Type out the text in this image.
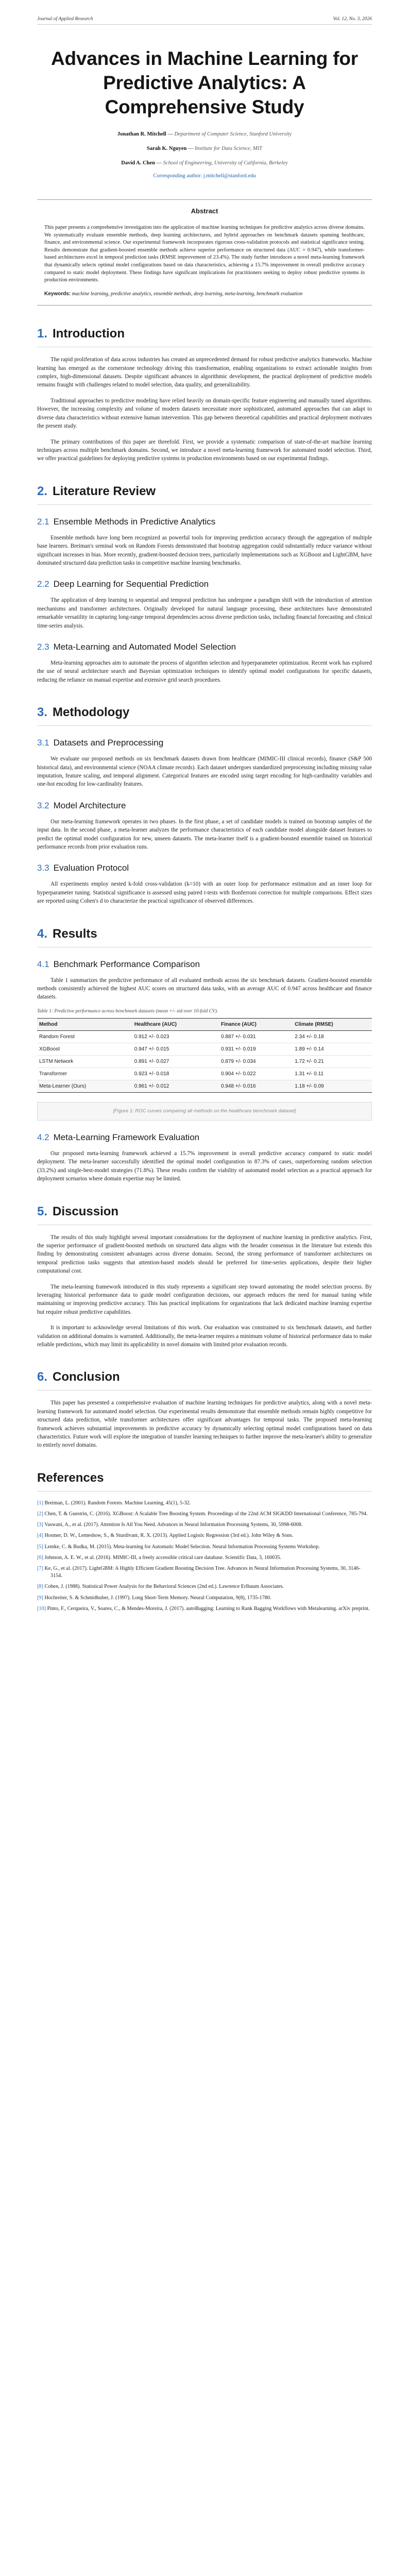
Journal of Applied Research	Vol. 12, No. 3, 2026
Advances in Machine Learning for Predictive Analytics: A Comprehensive Study
Jonathan R. Mitchell — Department of Computer Science, Stanford University
Sarah K. Nguyen — Institute for Data Science, MIT
David A. Chen — School of Engineering, University of California, Berkeley
Corresponding author: j.mitchell@stanford.edu
Abstract

This paper presents a comprehensive investigation into the application of machine learning techniques for predictive analytics across diverse domains. We systematically evaluate ensemble methods, deep learning architectures, and hybrid approaches on benchmark datasets spanning healthcare, finance, and environmental science. Our experimental framework incorporates rigorous cross-validation protocols and statistical significance testing. Results demonstrate that gradient-boosted ensemble methods achieve superior performance on structured data (AUC = 0.947), while transformer-based architectures excel in temporal prediction tasks (RMSE improvement of 23.4%). The study further introduces a novel meta-learning framework that dynamically selects optimal model configurations based on data characteristics, achieving a 15.7% improvement in overall predictive accuracy compared to static model deployment. These findings have significant implications for practitioners seeking to deploy robust predictive systems in production environments.

Keywords: machine learning, predictive analytics, ensemble methods, deep learning, meta-learning, benchmark evaluation

1. Introduction

The rapid proliferation of data across industries has created an unprecedented demand for robust predictive analytics frameworks. Machine learning has emerged as the cornerstone technology driving this transformation, enabling organizations to extract actionable insights from complex, high-dimensional datasets. Despite significant advances in algorithmic development, the practical deployment of predictive models remains fraught with challenges related to model selection, data quality, and generalizability.

Traditional approaches to predictive modeling have relied heavily on domain-specific feature engineering and manually tuned algorithms. However, the increasing complexity and volume of modern datasets necessitate more sophisticated, automated approaches that can adapt to diverse data characteristics without extensive human intervention. This gap between theoretical capabilities and practical deployment motivates the present study.

The primary contributions of this paper are threefold. First, we provide a systematic comparison of state-of-the-art machine learning techniques across multiple benchmark domains. Second, we introduce a novel meta-learning framework for automated model selection. Third, we offer practical guidelines for deploying predictive systems in production environments based on our experimental findings.

2. Literature Review
2.1 Ensemble Methods in Predictive Analytics

Ensemble methods have long been recognized as powerful tools for improving prediction accuracy through the aggregation of multiple base learners. Breiman's seminal work on Random Forests demonstrated that bootstrap aggregation could substantially reduce variance without significant increases in bias. More recently, gradient-boosted decision trees, particularly implementations such as XGBoost and LightGBM, have dominated structured data prediction tasks in competitive machine learning benchmarks.

2.2 Deep Learning for Sequential Prediction

The application of deep learning to sequential and temporal prediction has undergone a paradigm shift with the introduction of attention mechanisms and transformer architectures. Originally developed for natural language processing, these architectures have demonstrated remarkable versatility in capturing long-range temporal dependencies across diverse prediction tasks, including financial forecasting and clinical time-series analysis.

2.3 Meta-Learning and Automated Model Selection

Meta-learning approaches aim to automate the process of algorithm selection and hyperparameter optimization. Recent work has explored the use of neural architecture search and Bayesian optimization techniques to identify optimal model configurations for specific datasets, reducing the reliance on manual expertise and extensive grid search procedures.

3. Methodology
3.1 Datasets and Preprocessing

We evaluate our proposed methods on six benchmark datasets drawn from healthcare (MIMIC-III clinical records), finance (S&P 500 historical data), and environmental science (NOAA climate records). Each dataset undergoes standardized preprocessing including missing value imputation, feature scaling, and temporal alignment. Categorical features are encoded using target encoding for high-cardinality variables and one-hot encoding for low-cardinality features.

3.2 Model Architecture

Our meta-learning framework operates in two phases. In the first phase, a set of candidate models is trained on bootstrap samples of the input data. In the second phase, a meta-learner analyzes the performance characteristics of each candidate model alongside dataset features to predict the optimal model configuration for new, unseen datasets. The meta-learner itself is a gradient-boosted ensemble trained on historical performance records from prior evaluation runs.

3.3 Evaluation Protocol

All experiments employ nested k-fold cross-validation (k=10) with an outer loop for performance estimation and an inner loop for hyperparameter tuning. Statistical significance is assessed using paired t-tests with Bonferroni correction for multiple comparisons. Effect sizes are reported using Cohen's d to characterize the practical significance of observed differences.

4. Results
4.1 Benchmark Performance Comparison

Table 1 summarizes the predictive performance of all evaluated methods across the six benchmark datasets. Gradient-boosted ensemble methods consistently achieved the highest AUC scores on structured data tasks, with an average AUC of 0.947 across healthcare and finance datasets.

Table 1: Predictive performance across benchmark datasets (mean +/- std over 10-fold CV).
Method	Healthcare (AUC)	Finance (AUC)	Climate (RMSE)
Random Forest	0.912 +/- 0.023	0.887 +/- 0.031	2.34 +/- 0.18
XGBoost	0.947 +/- 0.015	0.931 +/- 0.019	1.89 +/- 0.14
LSTM Network	0.891 +/- 0.027	0.879 +/- 0.034	1.72 +/- 0.21
Transformer	0.923 +/- 0.018	0.904 +/- 0.022	1.31 +/- 0.11
Meta-Learner (Ours)	0.961 +/- 0.012	0.948 +/- 0.016	1.18 +/- 0.09
[Figure 1: ROC curves comparing all methods on the healthcare benchmark dataset]
4.2 Meta-Learning Framework Evaluation

Our proposed meta-learning framework achieved a 15.7% improvement in overall predictive accuracy compared to static model deployment. The meta-learner successfully identified the optimal model configuration in 87.3% of cases, outperforming random selection (33.2%) and single-best-model strategies (71.8%). These results confirm the viability of automated model selection as a practical approach for deployment scenarios where domain expertise may be limited.

5. Discussion

The results of this study highlight several important considerations for the deployment of machine learning in predictive analytics. First, the superior performance of gradient-boosted methods on structured data aligns with the broader consensus in the literature but extends this finding by demonstrating consistent advantages across diverse domains. Second, the strong performance of transformer architectures on temporal prediction tasks suggests that attention-based models should be preferred for time-series applications, despite their higher computational cost.

The meta-learning framework introduced in this study represents a significant step toward automating the model selection process. By leveraging historical performance data to guide model configuration decisions, our approach reduces the need for manual tuning while maintaining or improving predictive accuracy. This has practical implications for organizations that lack dedicated machine learning expertise but require robust predictive capabilities.

It is important to acknowledge several limitations of this work. Our evaluation was constrained to six benchmark datasets, and further validation on additional domains is warranted. Additionally, the meta-learner requires a minimum volume of historical performance data to make reliable predictions, which may limit its applicability in novel domains with limited prior evaluation records.

6. Conclusion

This paper has presented a comprehensive evaluation of machine learning techniques for predictive analytics, along with a novel meta-learning framework for automated model selection. Our experimental results demonstrate that ensemble methods remain highly competitive for structured data prediction, while transformer architectures offer significant advantages for temporal tasks. The proposed meta-learning framework achieves substantial improvements in predictive accuracy by dynamically selecting optimal model configurations based on data characteristics. Future work will explore the integration of transfer learning techniques to further improve the meta-learner's ability to generalize to entirely novel domains.

References
[1] Breiman, L. (2001). Random Forests. Machine Learning, 45(1), 5-32.
[2] Chen, T. & Guestrin, C. (2016). XGBoost: A Scalable Tree Boosting System. Proceedings of the 22nd ACM SIGKDD International Conference, 785-794.
[3] Vaswani, A., et al. (2017). Attention Is All You Need. Advances in Neural Information Processing Systems, 30, 5998-6008.
[4] Hosmer, D. W., Lemeshow, S., & Sturdivant, R. X. (2013). Applied Logistic Regression (3rd ed.). John Wiley & Sons.
[5] Lemke, C. & Budka, M. (2015). Meta-learning for Automatic Model Selection. Neural Information Processing Systems Workshop.
[6] Johnson, A. E. W., et al. (2016). MIMIC-III, a freely accessible critical care database. Scientific Data, 3, 160035.
[7] Ke, G., et al. (2017). LightGBM: A Highly Efficient Gradient Boosting Decision Tree. Advances in Neural Information Processing Systems, 30, 3146-3154.
[8] Cohen, J. (1988). Statistical Power Analysis for the Behavioral Sciences (2nd ed.). Lawrence Erlbaum Associates.
[9] Hochreiter, S. & Schmidhuber, J. (1997). Long Short-Term Memory. Neural Computation, 9(8), 1735-1780.
[10] Pinto, F., Cerqueira, V., Soares, C., & Mendes-Moreira, J. (2017). autoBagging: Learning to Rank Bagging Workflows with Metalearning. arXiv preprint.
